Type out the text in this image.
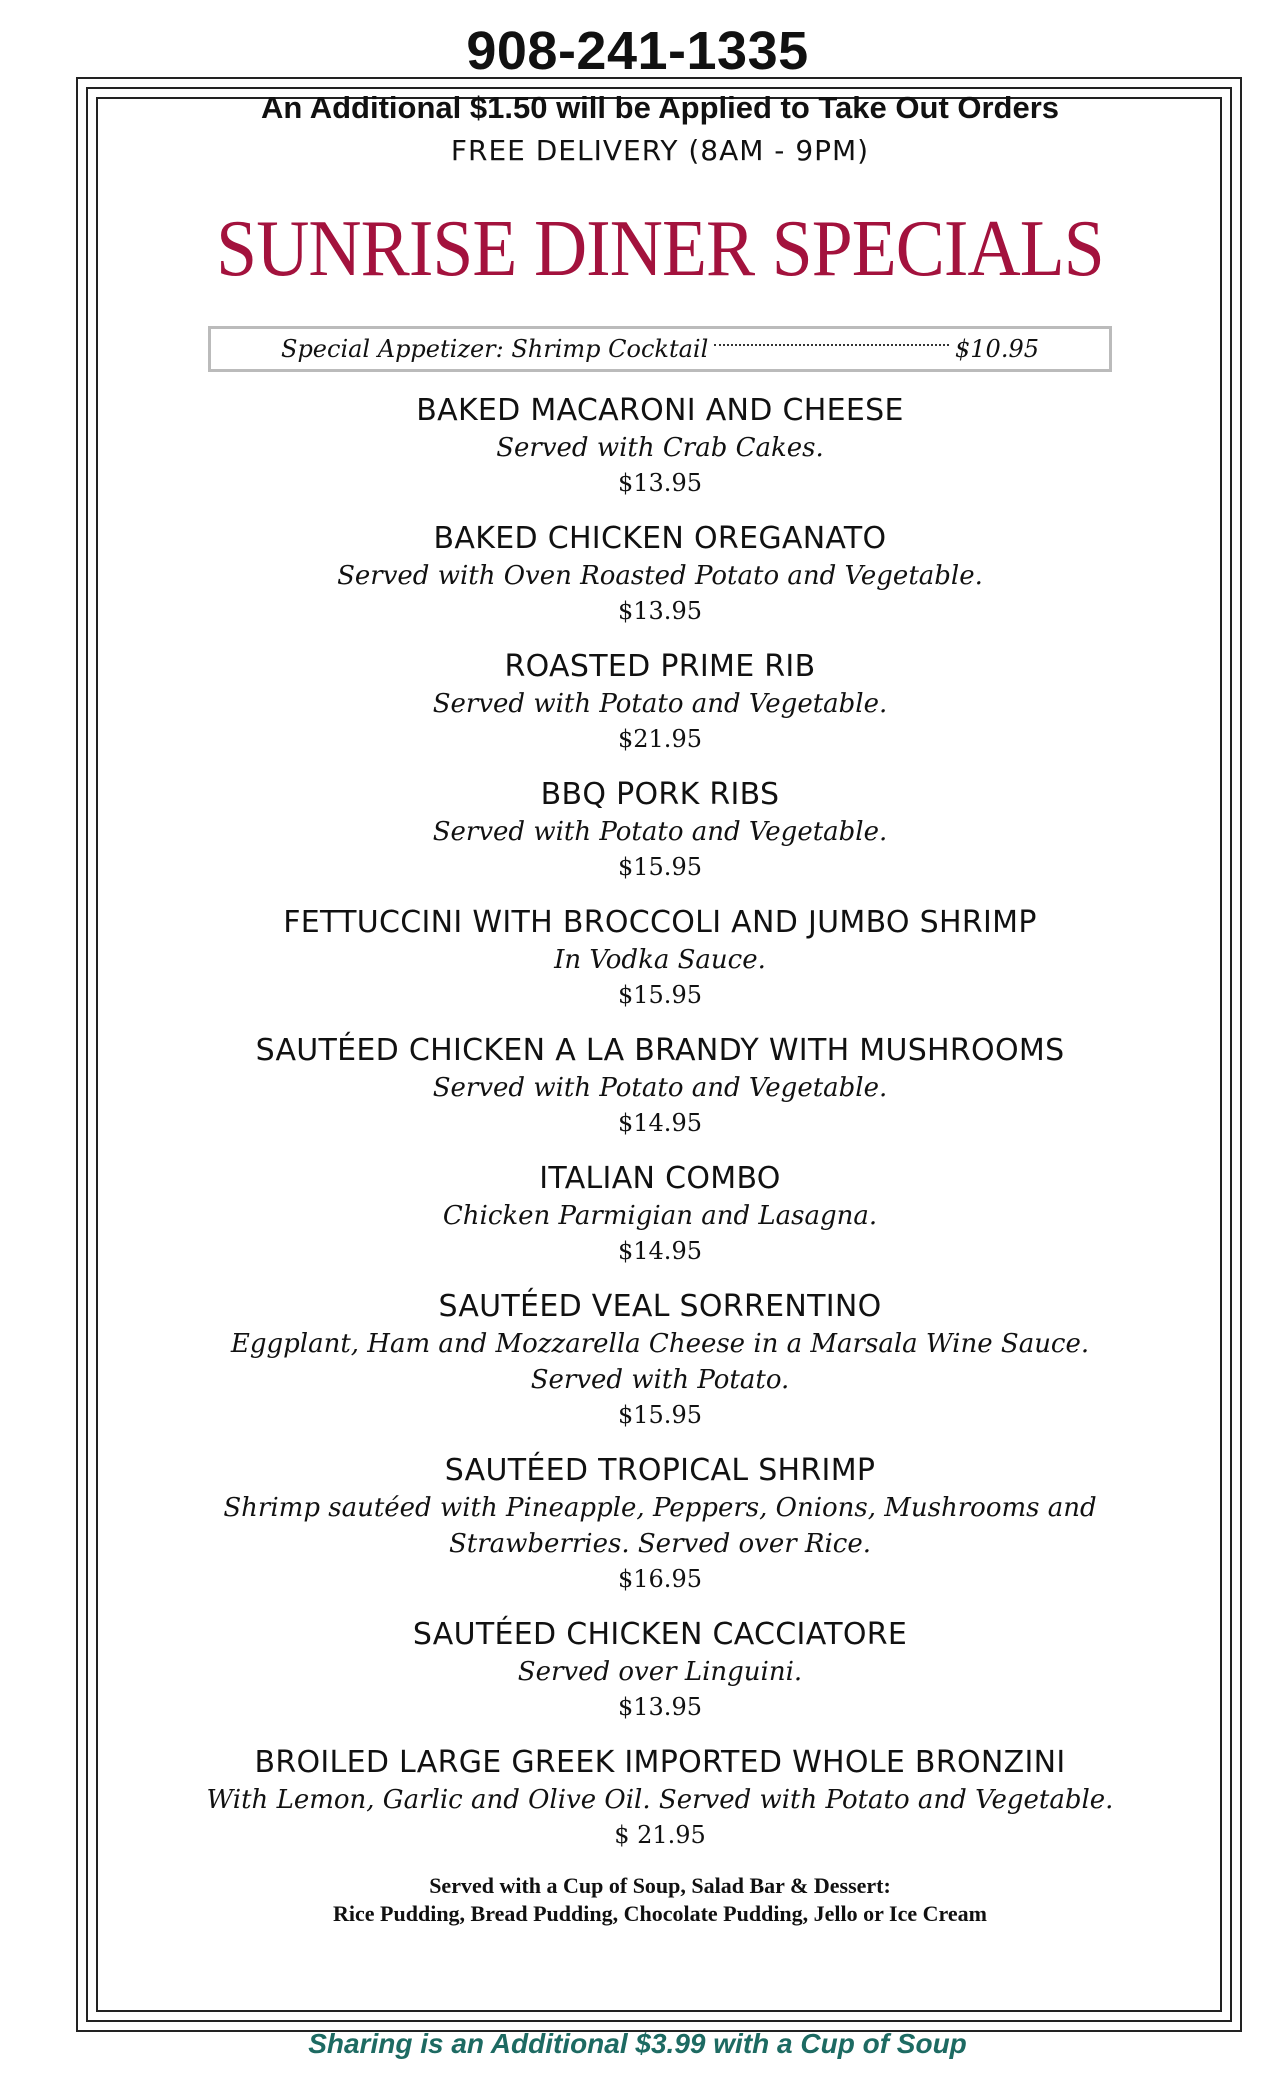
908-241-1335

An Additional $1.50 will be Applied to Take Out Orders

FREE DELIVERY (8AM - 9PM)
SUNRISE DINER SPECIALS
Special Appetizer: Shrimp Cocktail	$10.95
BAKED MACARONI AND CHEESE
Served with Crab Cakes.
$13.95
BAKED CHICKEN OREGANATO
Served with Oven Roasted Potato and Vegetable.
$13.95
ROASTED PRIME RIB
Served with Potato and Vegetable.
$21.95
BBQ PORK RIBS
Served with Potato and Vegetable.
$15.95
FETTUCCINI WITH BROCCOLI AND JUMBO SHRIMP
In Vodka Sauce.
$15.95
SAUTÉED CHICKEN A LA BRANDY WITH MUSHROOMS
Served with Potato and Vegetable.
$14.95
ITALIAN COMBO
Chicken Parmigian and Lasagna.
$14.95
SAUTÉED VEAL SORRENTINO
Eggplant, Ham and Mozzarella Cheese in a Marsala Wine Sauce.
Served with Potato.
$15.95
SAUTÉED TROPICAL SHRIMP
Shrimp sautéed with Pineapple, Peppers, Onions, Mushrooms and
Strawberries. Served over Rice.
$16.95
SAUTÉED CHICKEN CACCIATORE
Served over Linguini.
$13.95
BROILED LARGE GREEK IMPORTED WHOLE BRONZINI
With Lemon, Garlic and Olive Oil. Served with Potato and Vegetable.
$ 21.95
Served with a Cup of Soup, Salad Bar & Dessert:
Rice Pudding, Bread Pudding, Chocolate Pudding, Jello or Ice Cream
Sharing is an Additional $3.99 with a Cup of Soup
